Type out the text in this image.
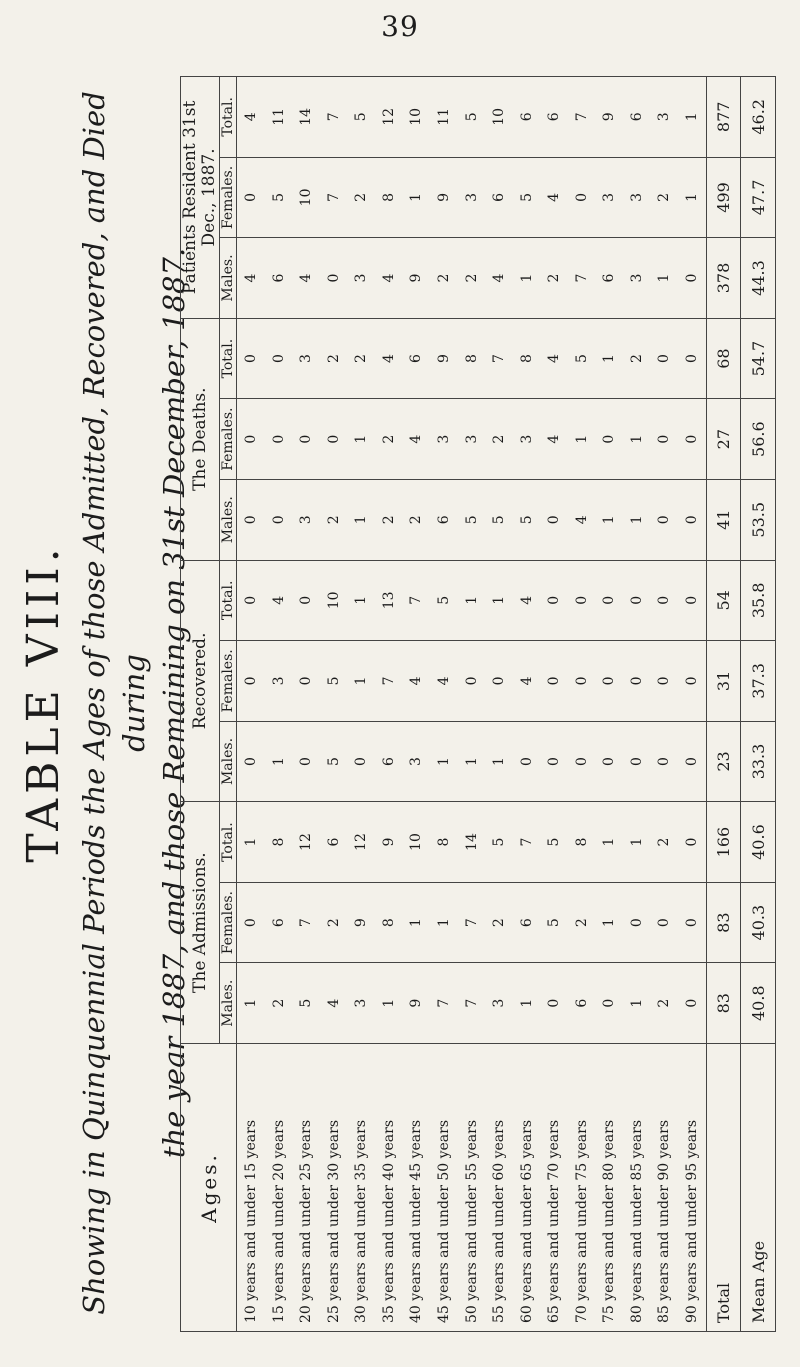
39
TABLE VIII. Showing in Quinquennial Periods the Ages of those Admitted, Recovered, and Died during the year 1887, and those Remaining on 31st December, 1887.
Ages.	The Admissions.			Recovered.			The Deaths.			Patients Resident 31st Dec., 1887.		
	Males.	Females.	Total.	Males.	Females.	Total.	Males.	Females.	Total.	Males.	Females.	Total.
10 years and under 15 years	1	0	1	0	0	0	0	0	0	4	0	4
15 years and under 20 years	2	6	8	1	3	4	0	0	0	6	5	11
20 years and under 25 years	5	7	12	0	0	0	3	0	3	4	10	14
25 years and under 30 years	4	2	6	5	5	10	2	0	2	0	7	7
30 years and under 35 years	3	9	12	0	1	1	1	1	2	3	2	5
35 years and under 40 years	1	8	9	6	7	13	2	2	4	4	8	12
40 years and under 45 years	9	1	10	3	4	7	2	4	6	9	1	10
45 years and under 50 years	7	1	8	1	4	5	6	3	9	2	9	11
50 years and under 55 years	7	7	14	1	0	1	5	3	8	2	3	5
55 years and under 60 years	3	2	5	1	0	1	5	2	7	4	6	10
60 years and under 65 years	1	6	7	0	4	4	5	3	8	1	5	6
65 years and under 70 years	0	5	5	0	0	0	0	4	4	2	4	6
70 years and under 75 years	6	2	8	0	0	0	4	1	5	7	0	7
75 years and under 80 years	0	1	1	0	0	0	1	0	1	6	3	9
80 years and under 85 years	1	0	1	0	0	0	1	1	2	3	3	6
85 years and under 90 years	2	0	2	0	0	0	0	0	0	1	2	3
90 years and under 95 years	0	0	0	0	0	0	0	0	0	0	1	1
Total	83	83	166	23	31	54	41	27	68	378	499	877
Mean Age	40.8	40.3	40.6	33.3	37.3	35.8	53.5	56.6	54.7	44.3	47.7	46.2
